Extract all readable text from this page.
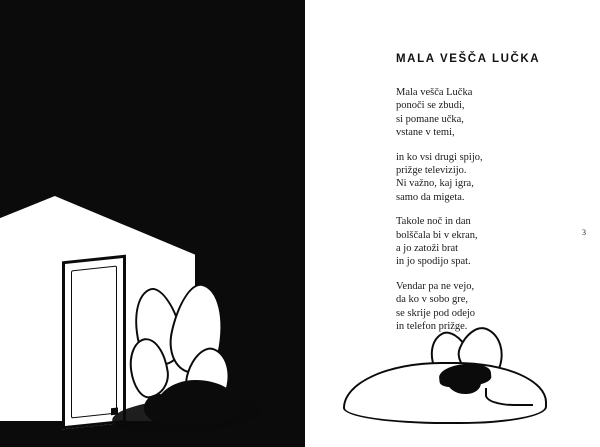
MALA VEŠČA LUČKA

Mala vešča Lučka
ponoči se zbudi,
si pomane učka,
vstane v temi,

in ko vsi drugi spijo,
prižge televizijo.
Ni važno, kaj igra,
samo da migeta.

Takole noč in dan
bolščala bi v ekran,
a jo zatoži brat
in jo spodijo spat.

Vendar pa ne vejo,
da ko v sobo gre,
se skrije pod odejo
in telefon prižge.

3
